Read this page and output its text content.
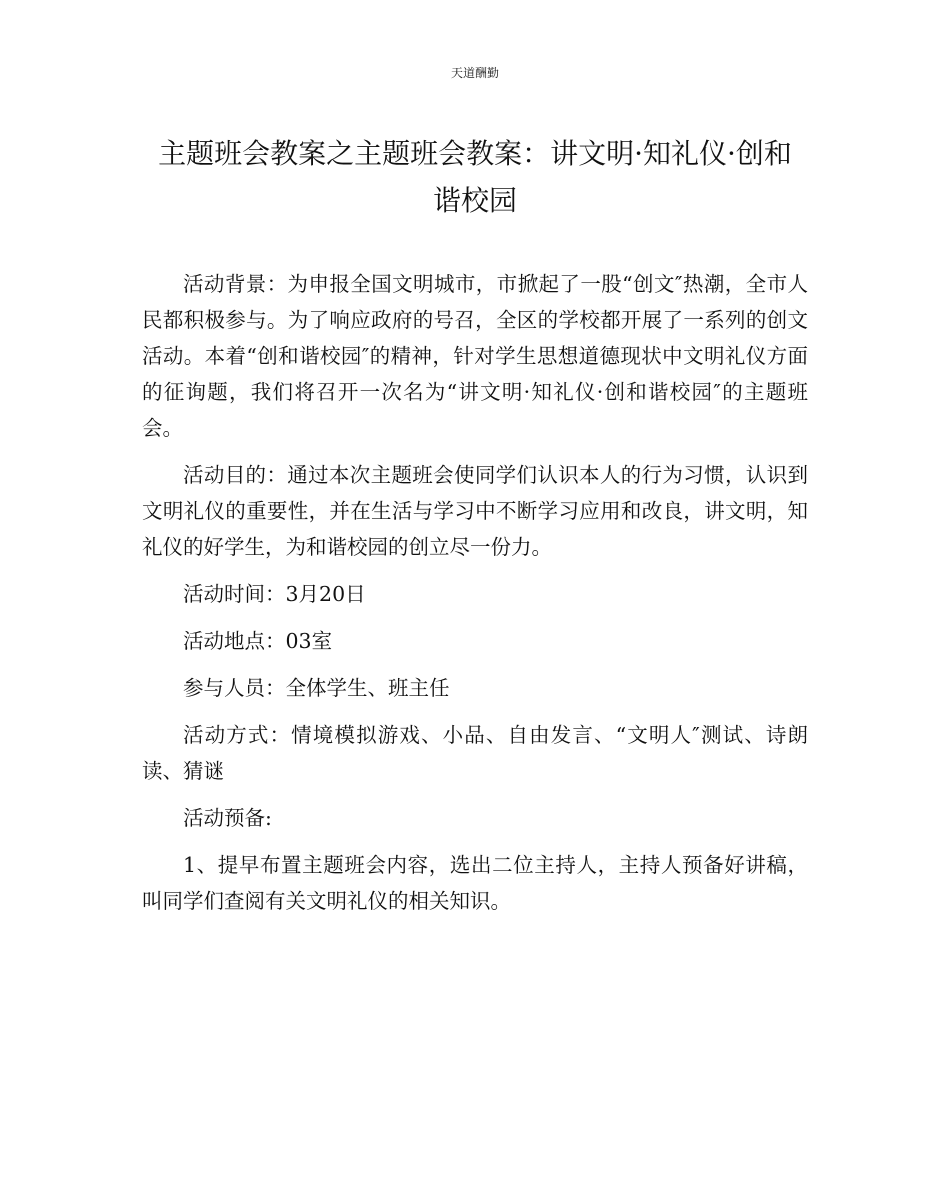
天道酬勤
主题班会教案之主题班会教案：讲文明·知礼仪·创和谐校园

活动背景：为申报全国文明城市，市掀起了一股“创文″热潮，全市人民都积极参与。为了响应政府的号召，全区的学校都开展了一系列的创文活动。本着“创和谐校园″的精神，针对学生思想道德现状中文明礼仪方面的征询题，我们将召开一次名为“讲文明·知礼仪·创和谐校园″的主题班会。

活动目的：通过本次主题班会使同学们认识本人的行为习惯，认识到文明礼仪的重要性，并在生活与学习中不断学习应用和改良，讲文明，知礼仪的好学生，为和谐校园的创立尽一份力。

活动时间：3月20日

活动地点：03室

参与人员：全体学生、班主任

活动方式：情境模拟游戏、小品、自由发言、“文明人″测试、诗朗读、猜谜

活动预备:

1、提早布置主题班会内容，选出二位主持人，主持人预备好讲稿，叫同学们查阅有关文明礼仪的相关知识。
